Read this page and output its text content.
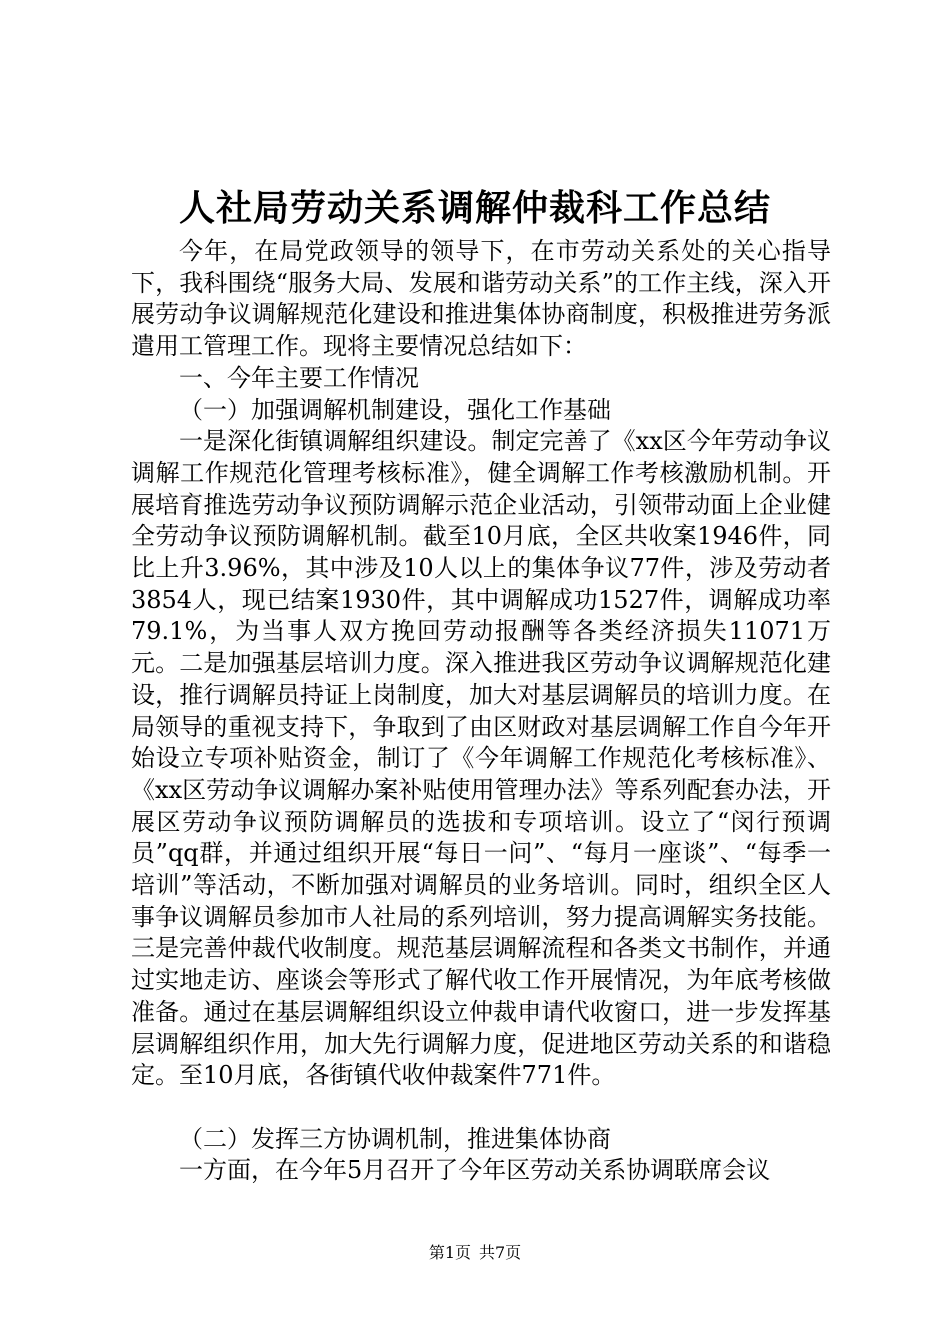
人社局劳动关系调解仲裁科工作总结

今年，在局党政领导的领导下，在市劳动关系处的关心指导下，我科围绕“服务大局、发展和谐劳动关系”的工作主线，深入开展劳动争议调解规范化建设和推进集体协商制度，积极推进劳务派遣用工管理工作。现将主要情况总结如下：

一、今年主要工作情况

（一）加强调解机制建设，强化工作基础

一是深化街镇调解组织建设。制定完善了《xx区今年劳动争议调解工作规范化管理考核标准》，健全调解工作考核激励机制。开展培育推选劳动争议预防调解示范企业活动，引领带动面上企业健全劳动争议预防调解机制。截至10月底，全区共收案1946件，同比上升3.96%，其中涉及10人以上的集体争议77件，涉及劳动者3854人，现已结案1930件，其中调解成功1527件，调解成功率79.1%，为当事人双方挽回劳动报酬等各类经济损失11071万元。二是加强基层培训力度。深入推进我区劳动争议调解规范化建设，推行调解员持证上岗制度，加大对基层调解员的培训力度。在局领导的重视支持下，争取到了由区财政对基层调解工作自今年开始设立专项补贴资金，制订了《今年调解工作规范化考核标准》、《xx区劳动争议调解办案补贴使用管理办法》等系列配套办法，开展区劳动争议预防调解员的选拔和专项培训。设立了“闵行预调员”qq群，并通过组织开展“每日一问”、“每月一座谈”、“每季一培训”等活动，不断加强对调解员的业务培训。同时，组织全区人事争议调解员参加市人社局的系列培训，努力提高调解实务技能。三是完善仲裁代收制度。规范基层调解流程和各类文书制作，并通过实地走访、座谈会等形式了解代收工作开展情况，为年底考核做准备。通过在基层调解组织设立仲裁申请代收窗口，进一步发挥基层调解组织作用，加大先行调解力度，促进地区劳动关系的和谐稳定。至10月底，各街镇代收仲裁案件771件。

（二）发挥三方协调机制，推进集体协商

一方面，在今年5月召开了今年区劳动关系协调联席会议

第1页 共7页
